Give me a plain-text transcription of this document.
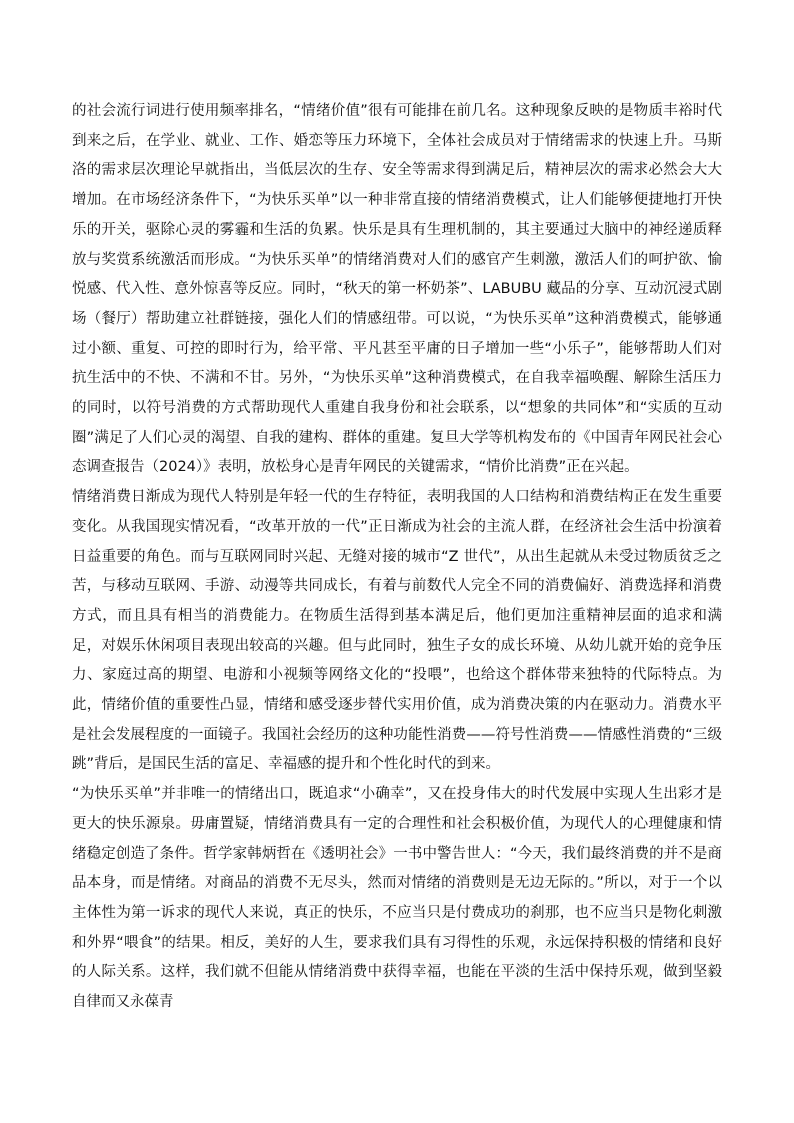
的社会流行词进行使用频率排名，“情绪价值”很有可能排在前几名。这种现象反映的是物质丰裕时代到来之后，在学业、就业、工作、婚恋等压力环境下，全体社会成员对于情绪需求的快速上升。马斯洛的需求层次理论早就指出，当低层次的生存、安全等需求得到满足后，精神层次的需求必然会大大增加。在市场经济条件下，“为快乐买单”以一种非常直接的情绪消费模式，让人们能够便捷地打开快乐的开关，驱除心灵的雾霾和生活的负累。快乐是具有生理机制的，其主要通过大脑中的神经递质释放与奖赏系统激活而形成。“为快乐买单”的情绪消费对人们的感官产生刺激，激活人们的呵护欲、愉悦感、代入性、意外惊喜等反应。同时，“秋天的第一杯奶茶”、LABUBU 藏品的分享、互动沉浸式剧场（餐厅）帮助建立社群链接，强化人们的情感纽带。可以说，“为快乐买单”这种消费模式，能够通过小额、重复、可控的即时行为，给平常、平凡甚至平庸的日子增加一些“小乐子”，能够帮助人们对抗生活中的不快、不满和不甘。另外，“为快乐买单”这种消费模式，在自我幸福唤醒、解除生活压力的同时，以符号消费的方式帮助现代人重建自我身份和社会联系，以“想象的共同体”和“实质的互动圈”满足了人们心灵的渴望、自我的建构、群体的重建。复旦大学等机构发布的《中国青年网民社会心态调查报告（2024）》表明，放松身心是青年网民的关键需求，“情价比消费”正在兴起。

情绪消费日渐成为现代人特别是年轻一代的生存特征，表明我国的人口结构和消费结构正在发生重要变化。从我国现实情况看，“改革开放的一代”正日渐成为社会的主流人群，在经济社会生活中扮演着日益重要的角色。而与互联网同时兴起、无缝对接的城市“Z 世代”，从出生起就从未受过物质贫乏之苦，与移动互联网、手游、动漫等共同成长，有着与前数代人完全不同的消费偏好、消费选择和消费方式，而且具有相当的消费能力。在物质生活得到基本满足后，他们更加注重精神层面的追求和满足，对娱乐休闲项目表现出较高的兴趣。但与此同时，独生子女的成长环境、从幼儿就开始的竞争压力、家庭过高的期望、电游和小视频等网络文化的“投喂”，也给这个群体带来独特的代际特点。为此，情绪价值的重要性凸显，情绪和感受逐步替代实用价值，成为消费决策的内在驱动力。消费水平是社会发展程度的一面镜子。我国社会经历的这种功能性消费——符号性消费——情感性消费的“三级跳”背后，是国民生活的富足、幸福感的提升和个性化时代的到来。

“为快乐买单”并非唯一的情绪出口，既追求“小确幸”，又在投身伟大的时代发展中实现人生出彩才是更大的快乐源泉。毋庸置疑，情绪消费具有一定的合理性和社会积极价值，为现代人的心理健康和情绪稳定创造了条件。哲学家韩炳哲在《透明社会》一书中警告世人：“今天，我们最终消费的并不是商品本身，而是情绪。对商品的消费不无尽头，然而对情绪的消费则是无边无际的。”所以，对于一个以主体性为第一诉求的现代人来说，真正的快乐，不应当只是付费成功的刹那，也不应当只是物化刺激和外界“喂食”的结果。相反，美好的人生，要求我们具有习得性的乐观，永远保持积极的情绪和良好的人际关系。这样，我们就不但能从情绪消费中获得幸福，也能在平淡的生活中保持乐观，做到坚毅自律而又永葆青
